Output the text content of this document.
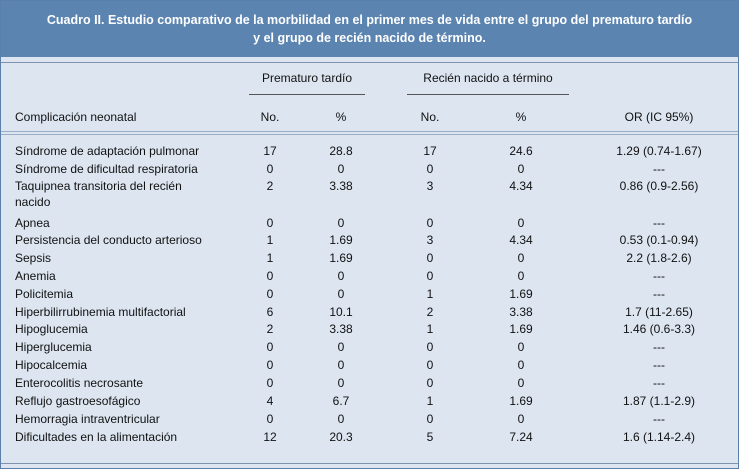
Cuadro II. Estudio comparativo de la morbilidad en el primer mes de vida entre el grupo del prematuro tardío
y el grupo de recién nacido de término.
Prematuro tardío	Recién nacido a término
Complicación neonatal	No.	%	No.	%	OR (IC 95%)
Síndrome de adaptación pulmonar	17	28.8	17	24.6	1.29 (0.74-1.67)
Síndrome de dificultad respiratoria	0	0	0	0	---
Taquipnea transitoria del recién
nacido
2	3.38	3	4.34	0.86 (0.9-2.56)
Apnea	0	0	0	0	---
Persistencia del conducto arterioso	1	1.69	3	4.34	0.53 (0.1-0.94)
Sepsis	1	1.69	0	0	2.2 (1.8-2.6)
Anemia	0	0	0	0	---
Policitemia	0	0	1	1.69	---
Hiperbilirrubinemia multifactorial	6	10.1	2	3.38	1.7 (11-2.65)
Hipoglucemia	2	3.38	1	1.69	1.46 (0.6-3.3)
Hiperglucemia	0	0	0	0	---
Hipocalcemia	0	0	0	0	---
Enterocolitis necrosante	0	0	0	0	---
Reflujo gastroesofágico	4	6.7	1	1.69	1.87 (1.1-2.9)
Hemorragia intraventricular	0	0	0	0	---
Dificultades en la alimentación	12	20.3	5	7.24	1.6 (1.14-2.4)
